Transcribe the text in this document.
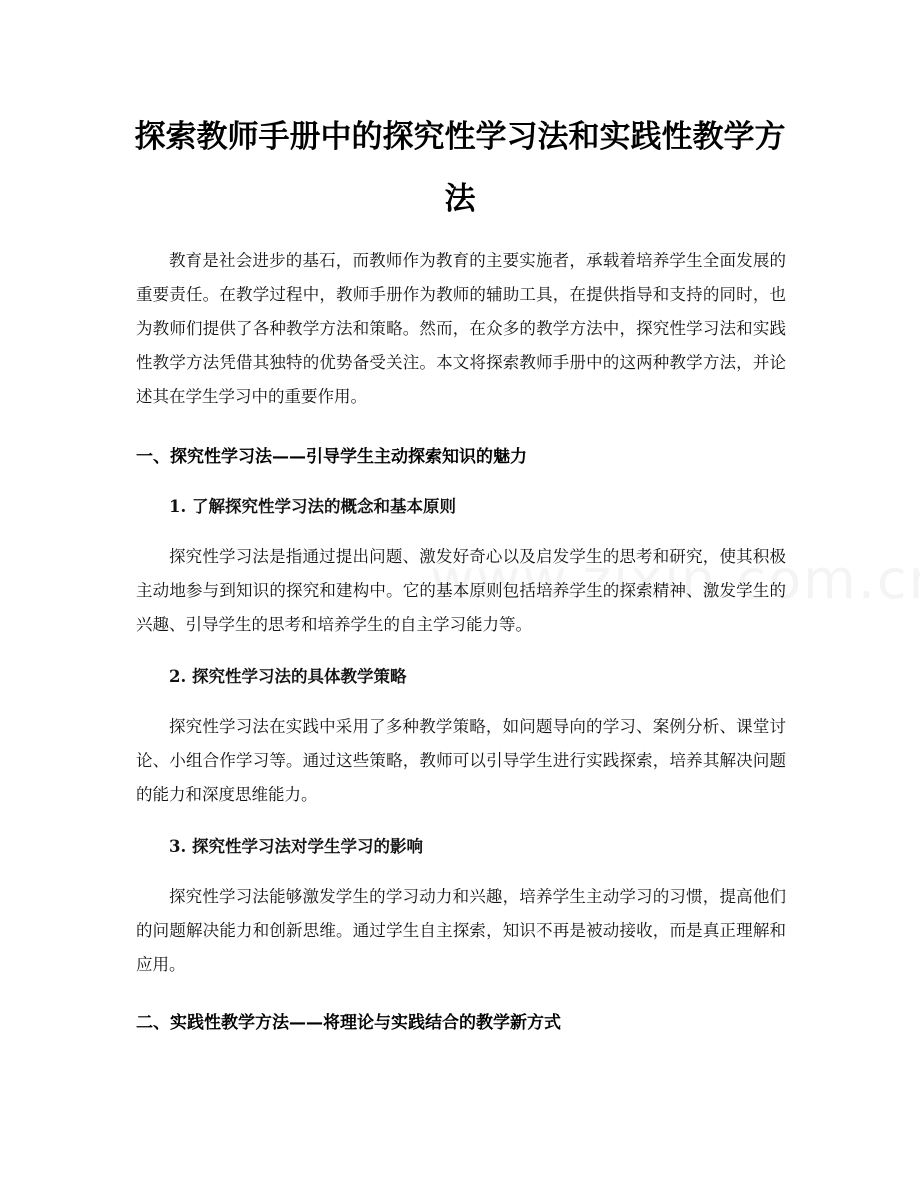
探索教师手册中的探究性学习法和实践性教学方法

教育是社会进步的基石，而教师作为教育的主要实施者，承载着培养学生全面发展的重要责任。在教学过程中，教师手册作为教师的辅助工具，在提供指导和支持的同时，也为教师们提供了各种教学方法和策略。然而，在众多的教学方法中，探究性学习法和实践性教学方法凭借其独特的优势备受关注。本文将探索教师手册中的这两种教学方法，并论述其在学生学习中的重要作用。

一、探究性学习法——引导学生主动探索知识的魅力
1. 了解探究性学习法的概念和基本原则

探究性学习法是指通过提出问题、激发好奇心以及启发学生的思考和研究，使其积极主动地参与到知识的探究和建构中。它的基本原则包括培养学生的探索精神、激发学生的兴趣、引导学生的思考和培养学生的自主学习能力等。

2. 探究性学习法的具体教学策略

探究性学习法在实践中采用了多种教学策略，如问题导向的学习、案例分析、课堂讨论、小组合作学习等。通过这些策略，教师可以引导学生进行实践探索，培养其解决问题的能力和深度思维能力。

3. 探究性学习法对学生学习的影响

探究性学习法能够激发学生的学习动力和兴趣，培养学生主动学习的习惯，提高他们的问题解决能力和创新思维。通过学生自主探索，知识不再是被动接收，而是真正理解和应用。

二、实践性教学方法——将理论与实践结合的教学新方式
